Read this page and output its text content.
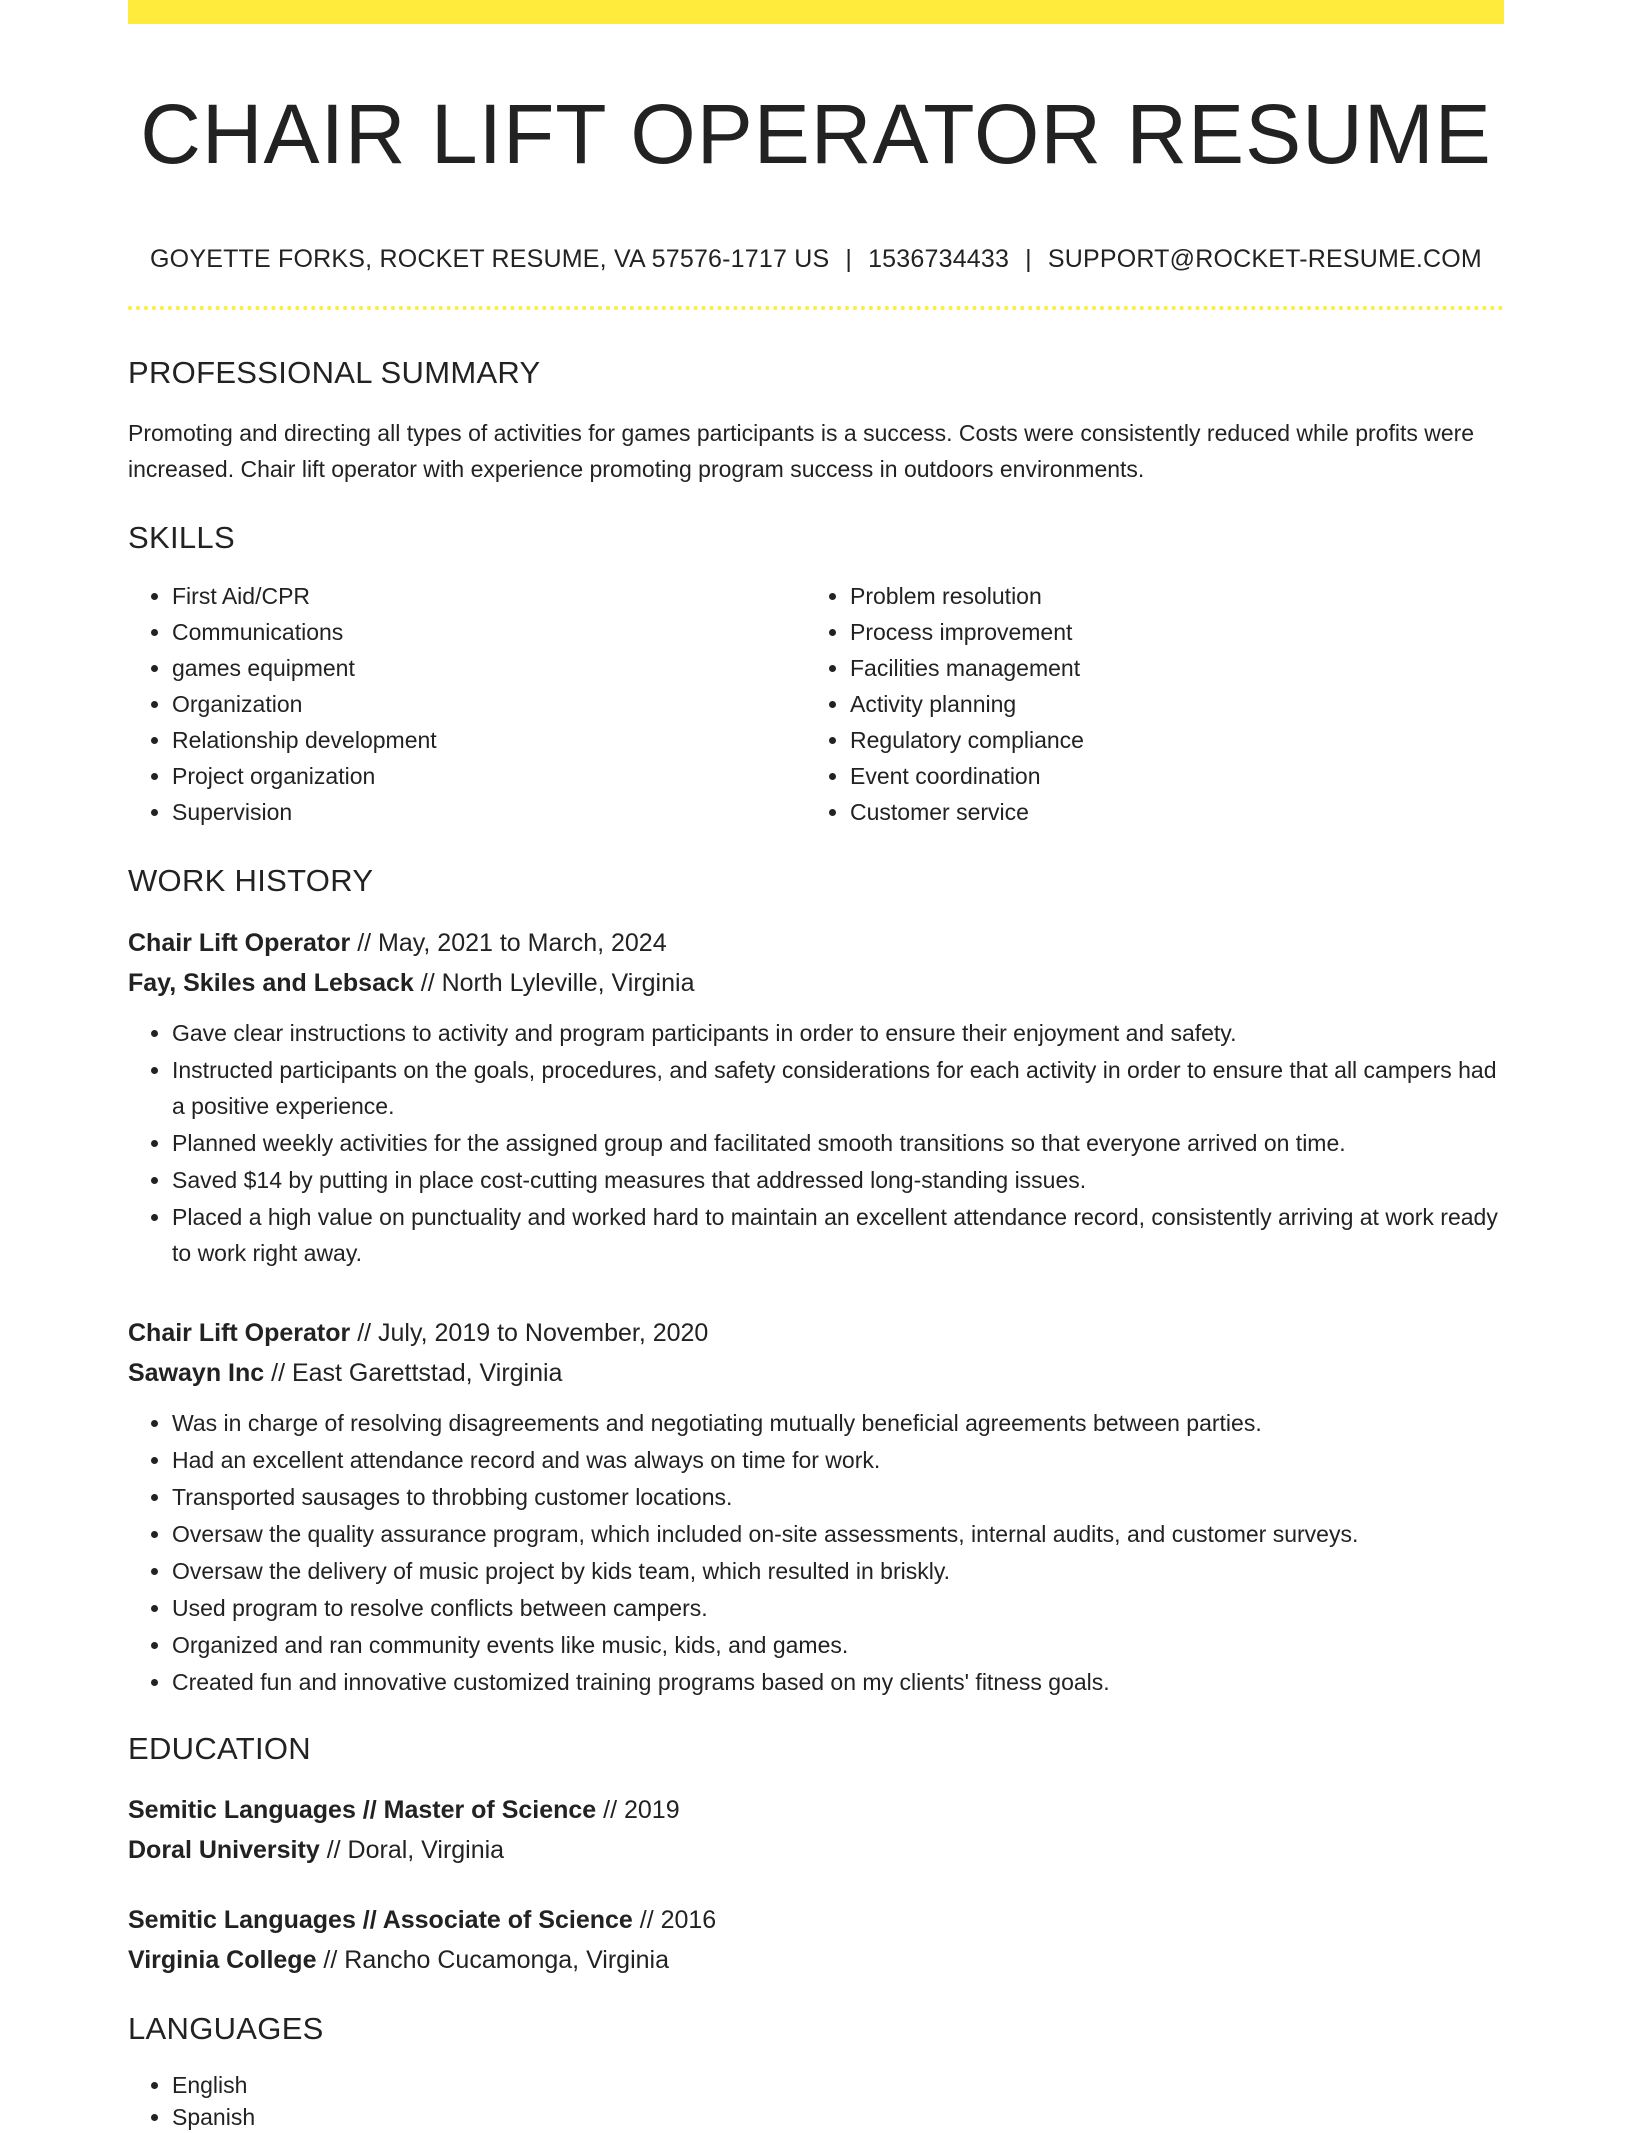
CHAIR LIFT OPERATOR RESUME
GOYETTE FORKS, ROCKET RESUME, VA 57576-1717 US | 1536734433 | SUPPORT@ROCKET-RESUME.COM
PROFESSIONAL SUMMARY
Promoting and directing all types of activities for games participants is a success. Costs were consistently reduced while profits were increased. Chair lift operator with experience promoting program success in outdoors environments.
SKILLS
• First Aid/CPR
• Communications
• games equipment
• Organization
• Relationship development
• Project organization
• Supervision
• Problem resolution
• Process improvement
• Facilities management
• Activity planning
• Regulatory compliance
• Event coordination
• Customer service
WORK HISTORY
Chair Lift Operator // May, 2021 to March, 2024
Fay, Skiles and Lebsack // North Lyleville, Virginia
• Gave clear instructions to activity and program participants in order to ensure their enjoyment and safety.
• Instructed participants on the goals, procedures, and safety considerations for each activity in order to ensure that all campers had a positive experience.
• Planned weekly activities for the assigned group and facilitated smooth transitions so that everyone arrived on time.
• Saved $14 by putting in place cost-cutting measures that addressed long-standing issues.
• Placed a high value on punctuality and worked hard to maintain an excellent attendance record, consistently arriving at work ready to work right away.
Chair Lift Operator // July, 2019 to November, 2020
Sawayn Inc // East Garettstad, Virginia
• Was in charge of resolving disagreements and negotiating mutually beneficial agreements between parties.
• Had an excellent attendance record and was always on time for work.
• Transported sausages to throbbing customer locations.
• Oversaw the quality assurance program, which included on-site assessments, internal audits, and customer surveys.
• Oversaw the delivery of music project by kids team, which resulted in briskly.
• Used program to resolve conflicts between campers.
• Organized and ran community events like music, kids, and games.
• Created fun and innovative customized training programs based on my clients' fitness goals.
EDUCATION
Semitic Languages // Master of Science // 2019
Doral University // Doral, Virginia
Semitic Languages // Associate of Science // 2016
Virginia College // Rancho Cucamonga, Virginia
LANGUAGES
• English
• Spanish
